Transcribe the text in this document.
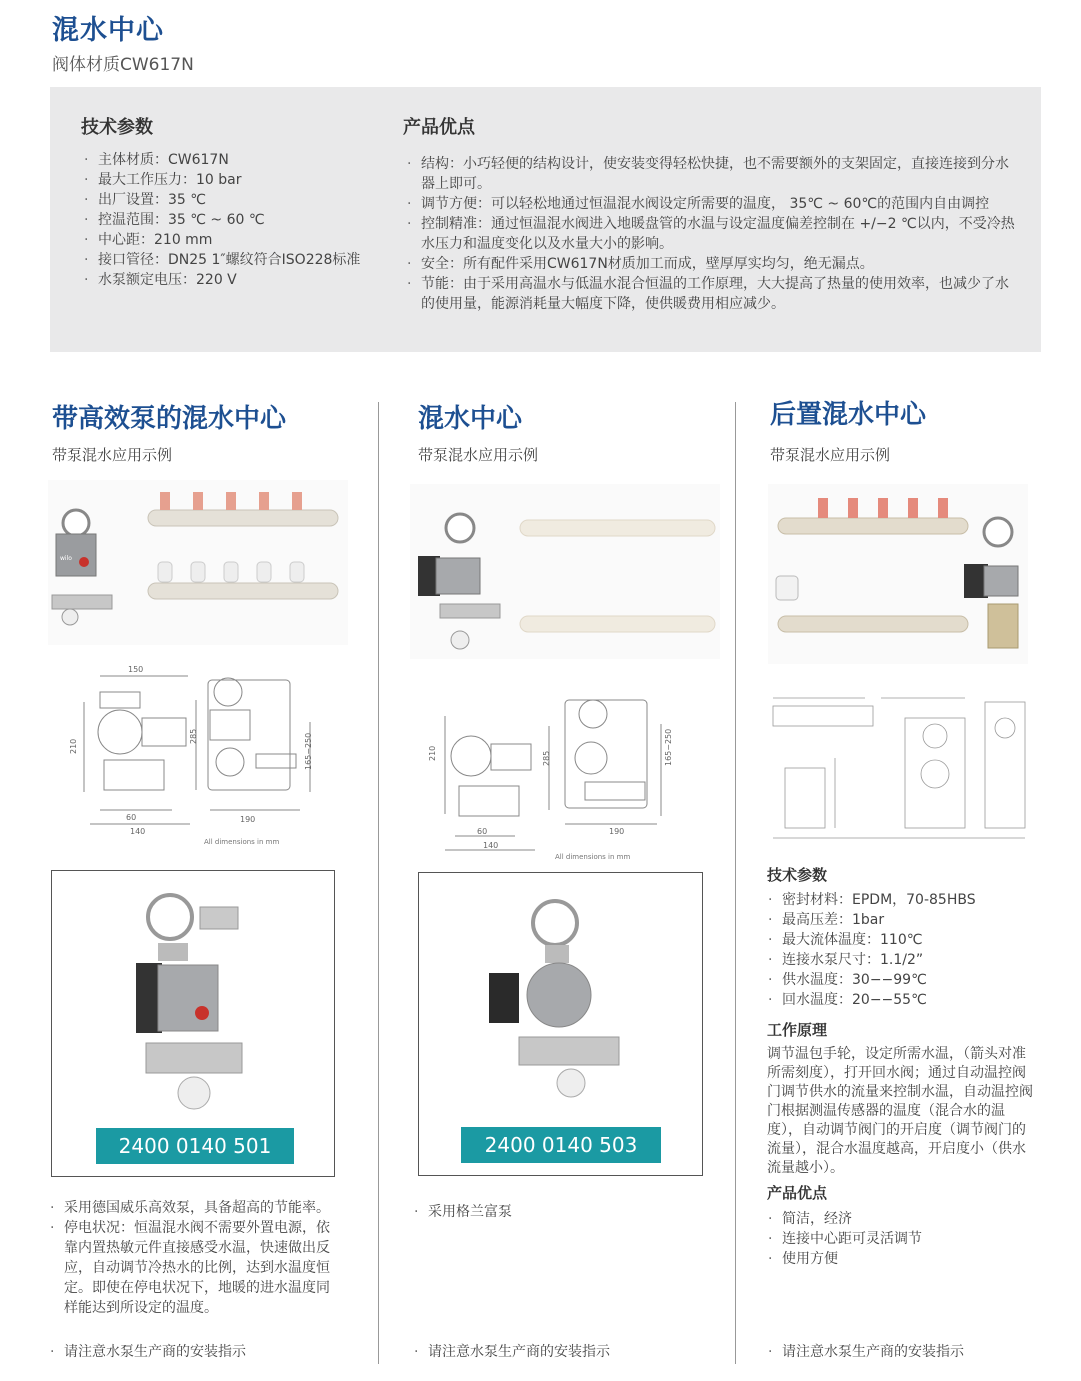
混水中心
阀体材质CW617N
技术参数
· 主体材质：CW617N
· 最大工作压力：10 bar
· 出厂设置：35 ℃
· 控温范围：35 ℃ ~ 60 ℃
· 中心距：210 mm
· 接口管径：DN25 1″螺纹符合ISO228标准
· 水泵额定电压：220 V
产品优点
· 结构：小巧轻便的结构设计，使安装变得轻松快捷，也不需要额外的支架固定，直接连接到分水器上即可。
· 调节方便：可以轻松地通过恒温混水阀设定所需要的温度， 35℃ ~ 60℃的范围内自由调控
· 控制精准：通过恒温混水阀进入地暖盘管的水温与设定温度偏差控制在 +/−2 ℃以内，不受冷热水压力和温度变化以及水量大小的影响。
· 安全：所有配件采用CW617N材质加工而成，壁厚厚实均匀，绝无漏点。
· 节能：由于采用高温水与低温水混合恒温的工作原理，大大提高了热量的使用效率，也减少了水的使用量，能源消耗量大幅度下降，使供暖费用相应减少。
带高效泵的混水中心
带泵混水应用示例
wilo
150
210
285	165−250
60
140
190
All dimensions in mm
2400 0140 501
· 采用德国威乐高效泵，具备超高的节能率。
· 停电状况：恒温混水阀不需要外置电源，依靠内置热敏元件直接感受水温，快速做出反应，自动调节冷热水的比例，达到水温度恒定。即使在停电状况下，地暖的进水温度同样能达到所设定的温度。
· 请注意水泵生产商的安装指示
混水中心
带泵混水应用示例
210	285	165−250
60
140
190
All dimensions in mm
2400 0140 503
· 采用格兰富泵
· 请注意水泵生产商的安装指示
后置混水中心
带泵混水应用示例
技术参数
· 密封材料：EPDM，70-85HBS
· 最高压差：1bar
· 最大流体温度：110℃
· 连接水泵尺寸：1.1/2”
· 供水温度：30−−99℃
· 回水温度：20−−55℃
工作原理
调节温包手轮，设定所需水温，（箭头对准所需刻度），打开回水阀；通过自动温控阀门调节供水的流量来控制水温，自动温控阀门根据测温传感器的温度（混合水的温度），自动调节阀门的开启度（调节阀门的流量），混合水温度越高，开启度小（供水流量越小）。
产品优点
· 简洁，经济
· 连接中心距可灵活调节
· 使用方便
· 请注意水泵生产商的安装指示
